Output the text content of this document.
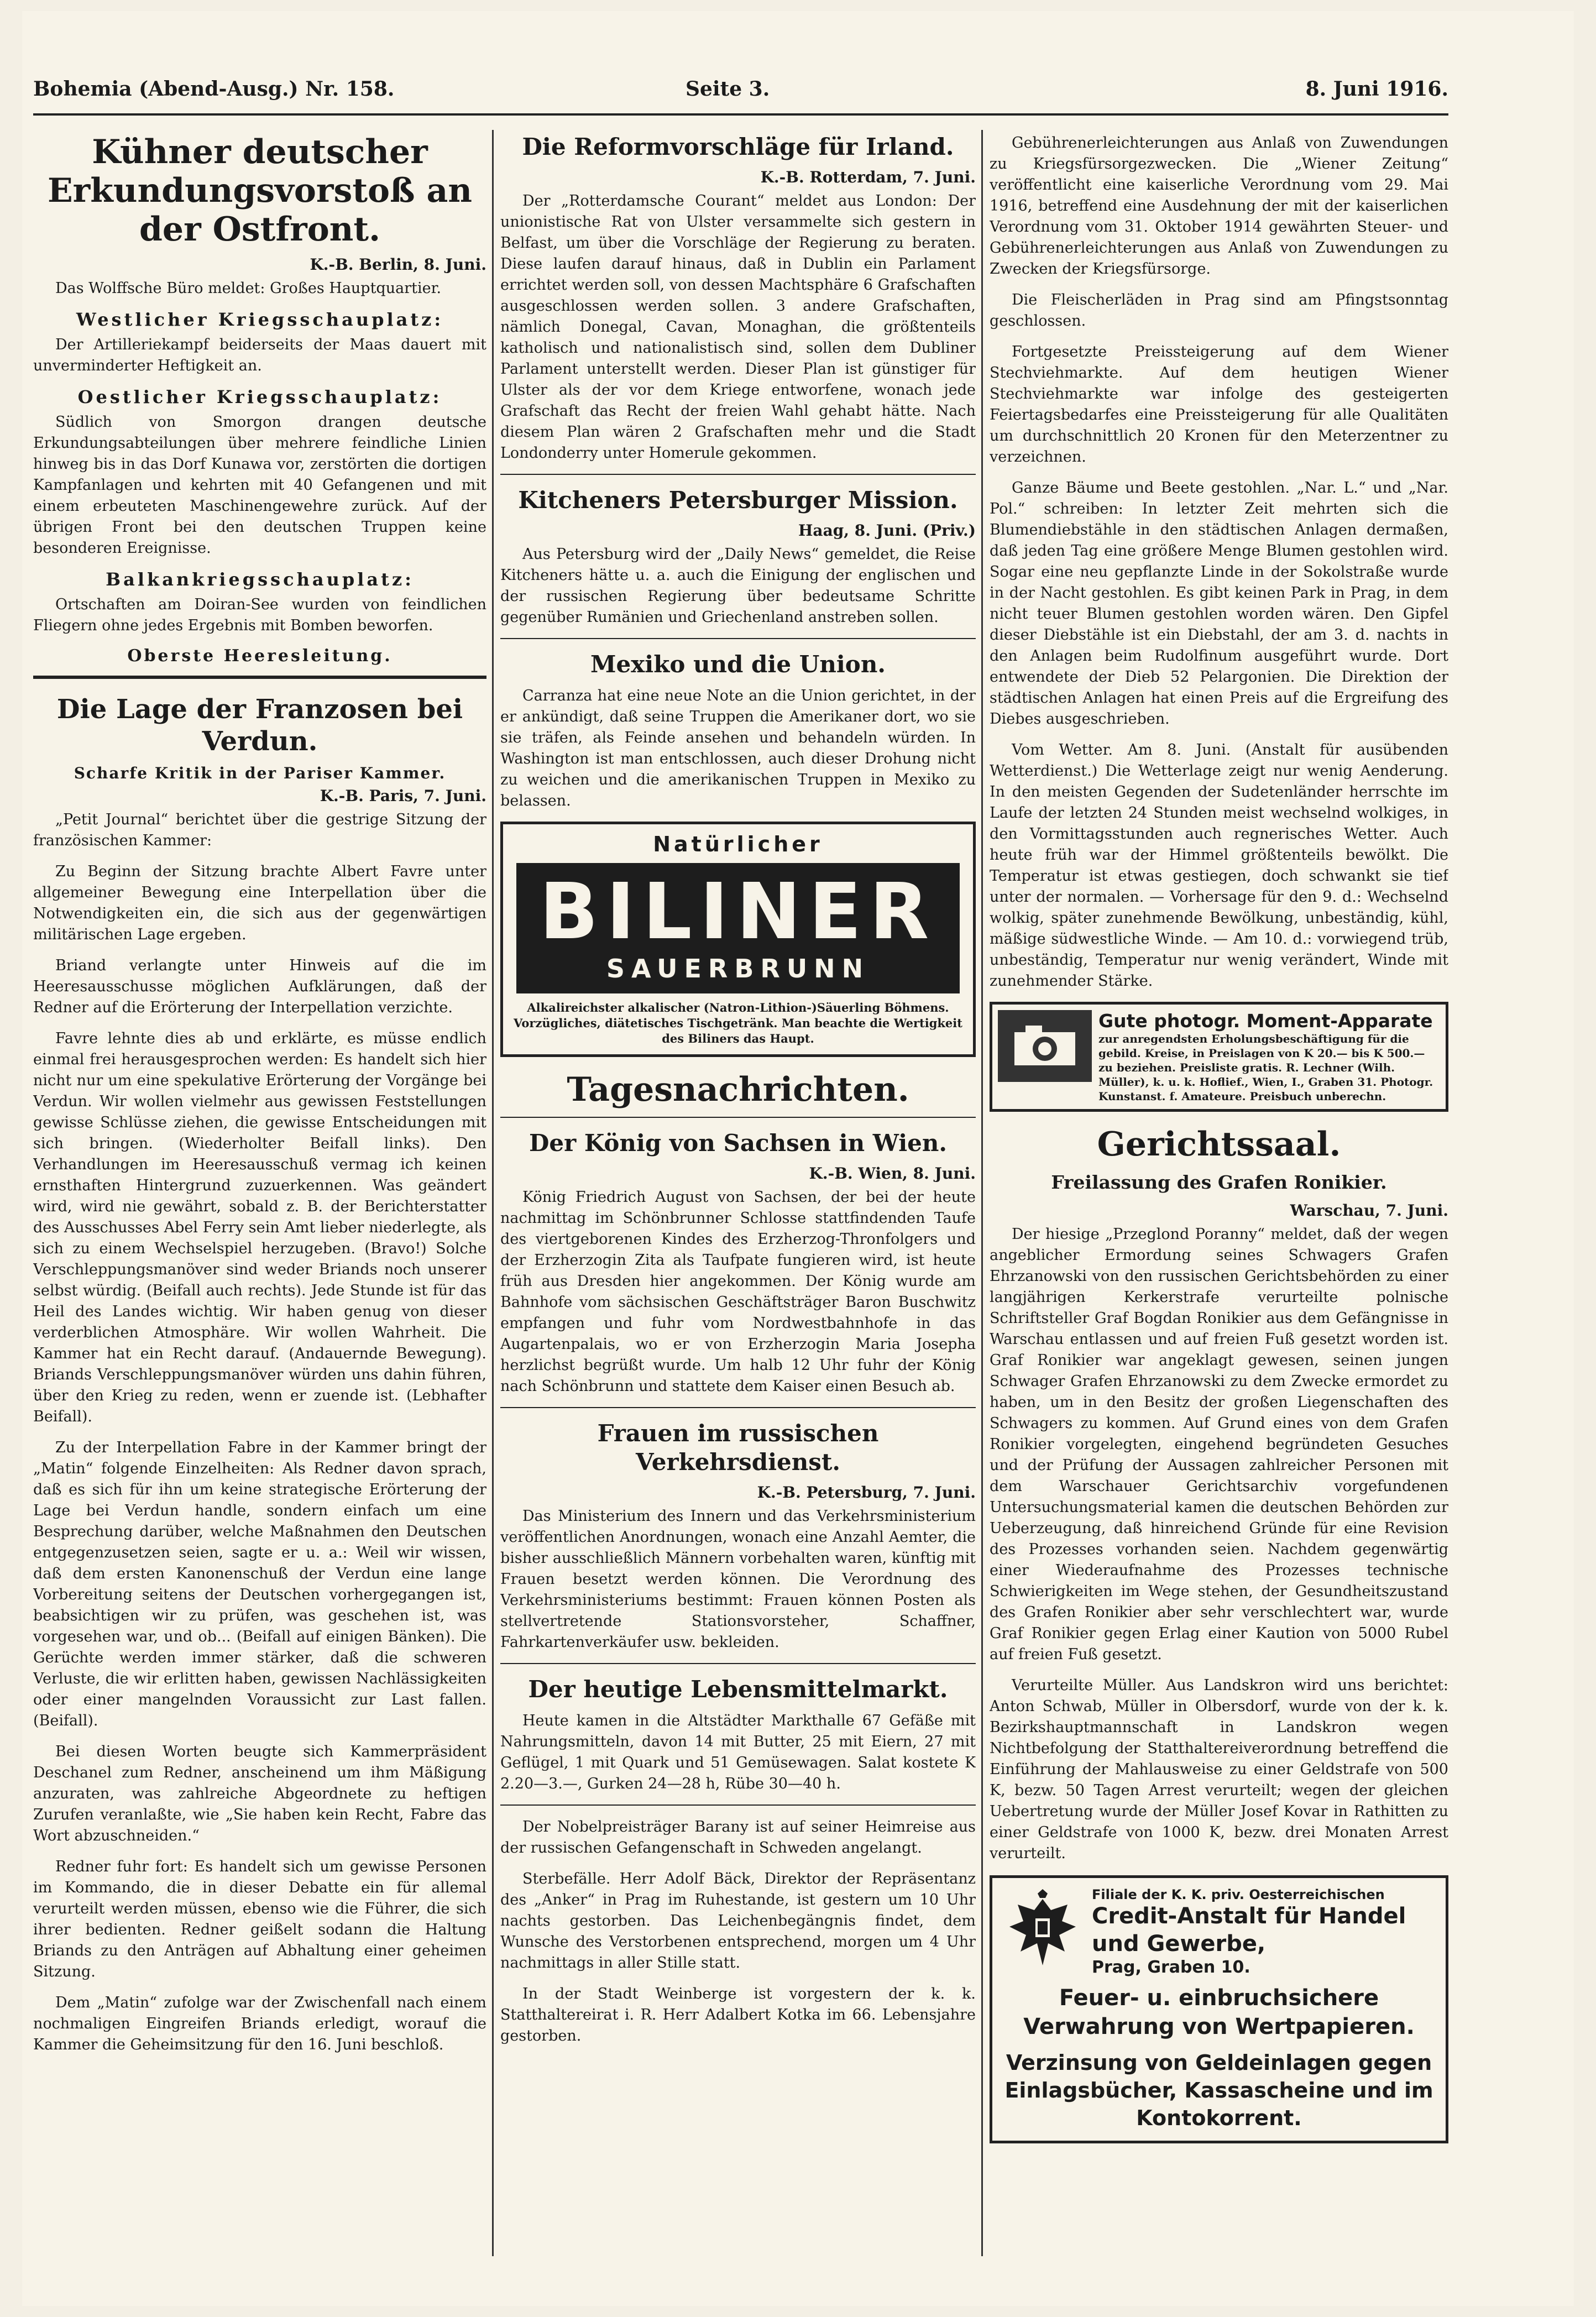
Bohemia (Abend-Ausg.) Nr. 158.	Seite 3.	8. Juni 1916.
Kühner deutscher Erkundungsvorstoß an der Ostfront.
K.-B. Berlin, 8. Juni.

Das Wolffsche Büro meldet: Großes Hauptquartier.

Westlicher Kriegsschauplatz:

Der Artilleriekampf beiderseits der Maas dauert mit unverminderter Heftigkeit an.

Oestlicher Kriegsschauplatz:

Südlich von Smorgon drangen deutsche Erkundungsabteilungen über mehrere feindliche Linien hinweg bis in das Dorf Kunawa vor, zerstörten die dortigen Kampfanlagen und kehrten mit 40 Gefangenen und mit einem erbeuteten Maschinengewehre zurück. Auf der übrigen Front bei den deutschen Truppen keine besonderen Ereignisse.

Balkankriegsschauplatz:

Ortschaften am Doiran-See wurden von feindlichen Fliegern ohne jedes Ergebnis mit Bomben beworfen.

Oberste Heeresleitung.
Die Lage der Franzosen bei Verdun.
Scharfe Kritik in der Pariser Kammer.
K.-B. Paris, 7. Juni.

„Petit Journal“ berichtet über die gestrige Sitzung der französischen Kammer:

Zu Beginn der Sitzung brachte Albert Favre unter allgemeiner Bewegung eine Interpellation über die Notwendigkeiten ein, die sich aus der gegenwärtigen militärischen Lage ergeben.

Briand verlangte unter Hinweis auf die im Heeresausschusse möglichen Aufklärungen, daß der Redner auf die Erörterung der Interpellation verzichte.

Favre lehnte dies ab und erklärte, es müsse endlich einmal frei herausgesprochen werden: Es handelt sich hier nicht nur um eine spekulative Erörterung der Vorgänge bei Verdun. Wir wollen vielmehr aus gewissen Feststellungen gewisse Schlüsse ziehen, die gewisse Entscheidungen mit sich bringen. (Wiederholter Beifall links). Den Verhandlungen im Heeresausschuß vermag ich keinen ernsthaften Hintergrund zuzuerkennen. Was geändert wird, wird nie gewährt, sobald z. B. der Berichterstatter des Ausschusses Abel Ferry sein Amt lieber niederlegte, als sich zu einem Wechselspiel herzugeben. (Bravo!) Solche Verschleppungsmanöver sind weder Briands noch unserer selbst würdig. (Beifall auch rechts). Jede Stunde ist für das Heil des Landes wichtig. Wir haben genug von dieser verderblichen Atmosphäre. Wir wollen Wahrheit. Die Kammer hat ein Recht darauf. (Andauernde Bewegung). Briands Verschleppungsmanöver würden uns dahin führen, über den Krieg zu reden, wenn er zuende ist. (Lebhafter Beifall).

Zu der Interpellation Fabre in der Kammer bringt der „Matin“ folgende Einzelheiten: Als Redner davon sprach, daß es sich für ihn um keine strategische Erörterung der Lage bei Verdun handle, sondern einfach um eine Besprechung darüber, welche Maßnahmen den Deutschen entgegenzusetzen seien, sagte er u. a.: Weil wir wissen, daß dem ersten Kanonenschuß der Verdun eine lange Vorbereitung seitens der Deutschen vorhergegangen ist, beabsichtigen wir zu prüfen, was geschehen ist, was vorgesehen war, und ob... (Beifall auf einigen Bänken). Die Gerüchte werden immer stärker, daß die schweren Verluste, die wir erlitten haben, gewissen Nachlässigkeiten oder einer mangelnden Voraussicht zur Last fallen. (Beifall).

Bei diesen Worten beugte sich Kammerpräsident Deschanel zum Redner, anscheinend um ihm Mäßigung anzuraten, was zahlreiche Abgeordnete zu heftigen Zurufen veranlaßte, wie „Sie haben kein Recht, Fabre das Wort abzuschneiden.“

Redner fuhr fort: Es handelt sich um gewisse Personen im Kommando, die in dieser Debatte ein für allemal verurteilt werden müssen, ebenso wie die Führer, die sich ihrer bedienten. Redner geißelt sodann die Haltung Briands zu den Anträgen auf Abhaltung einer geheimen Sitzung.

Dem „Matin“ zufolge war der Zwischenfall nach einem nochmaligen Eingreifen Briands erledigt, worauf die Kammer die Geheimsitzung für den 16. Juni beschloß.

Die Reformvorschläge für Irland.
K.-B. Rotterdam, 7. Juni.

Der „Rotterdamsche Courant“ meldet aus London: Der unionistische Rat von Ulster versammelte sich gestern in Belfast, um über die Vorschläge der Regierung zu beraten. Diese laufen darauf hinaus, daß in Dublin ein Parlament errichtet werden soll, von dessen Machtsphäre 6 Grafschaften ausgeschlossen werden sollen. 3 andere Grafschaften, nämlich Donegal, Cavan, Monaghan, die größtenteils katholisch und nationalistisch sind, sollen dem Dubliner Parlament unterstellt werden. Dieser Plan ist günstiger für Ulster als der vor dem Kriege entworfene, wonach jede Grafschaft das Recht der freien Wahl gehabt hätte. Nach diesem Plan wären 2 Grafschaften mehr und die Stadt Londonderry unter Homerule gekommen.

Kitcheners Petersburger Mission.
Haag, 8. Juni. (Priv.)

Aus Petersburg wird der „Daily News“ gemeldet, die Reise Kitcheners hätte u. a. auch die Einigung der englischen und der russischen Regierung über bedeutsame Schritte gegenüber Rumänien und Griechenland anstreben sollen.

Mexiko und die Union.

Carranza hat eine neue Note an die Union gerichtet, in der er ankündigt, daß seine Truppen die Amerikaner dort, wo sie sie träfen, als Feinde ansehen und behandeln würden. In Washington ist man entschlossen, auch dieser Drohung nicht zu weichen und die amerikanischen Truppen in Mexiko zu belassen.

Natürlicher
BILINER
SAUERBRUNN
Alkalireichster alkalischer (Natron-Lithion-)Säuerling Böhmens. Vorzügliches, diätetisches Tischgetränk. Man beachte die Wertigkeit des Biliners das Haupt.
Tagesnachrichten.
Der König von Sachsen in Wien.
K.-B. Wien, 8. Juni.

König Friedrich August von Sachsen, der bei der heute nachmittag im Schönbrunner Schlosse stattfindenden Taufe des viertgeborenen Kindes des Erzherzog-Thronfolgers und der Erzherzogin Zita als Taufpate fungieren wird, ist heute früh aus Dresden hier angekommen. Der König wurde am Bahnhofe vom sächsischen Geschäftsträger Baron Buschwitz empfangen und fuhr vom Nordwestbahnhofe in das Augartenpalais, wo er von Erzherzogin Maria Josepha herzlichst begrüßt wurde. Um halb 12 Uhr fuhr der König nach Schönbrunn und stattete dem Kaiser einen Besuch ab.

Frauen im russischen Verkehrsdienst.
K.-B. Petersburg, 7. Juni.

Das Ministerium des Innern und das Verkehrsministerium veröffentlichen Anordnungen, wonach eine Anzahl Aemter, die bisher ausschließlich Männern vorbehalten waren, künftig mit Frauen besetzt werden können. Die Verordnung des Verkehrsministeriums bestimmt: Frauen können Posten als stellvertretende Stationsvorsteher, Schaffner, Fahrkartenverkäufer usw. bekleiden.

Der heutige Lebensmittelmarkt.

Heute kamen in die Altstädter Markthalle 67 Gefäße mit Nahrungsmitteln, davon 14 mit Butter, 25 mit Eiern, 27 mit Geflügel, 1 mit Quark und 51 Gemüsewagen. Salat kostete K 2.20—3.—, Gurken 24—28 h, Rübe 30—40 h.

Der Nobelpreisträger Barany ist auf seiner Heimreise aus der russischen Gefangenschaft in Schweden angelangt.

Sterbefälle. Herr Adolf Bäck, Direktor der Repräsentanz des „Anker“ in Prag im Ruhestande, ist gestern um 10 Uhr nachts gestorben. Das Leichenbegängnis findet, dem Wunsche des Verstorbenen entsprechend, morgen um 4 Uhr nachmittags in aller Stille statt.

In der Stadt Weinberge ist vorgestern der k. k. Statthaltereirat i. R. Herr Adalbert Kotka im 66. Lebensjahre gestorben.

Gebührenerleichterungen aus Anlaß von Zuwendungen zu Kriegsfürsorgezwecken. Die „Wiener Zeitung“ veröffentlicht eine kaiserliche Verordnung vom 29. Mai 1916, betreffend eine Ausdehnung der mit der kaiserlichen Verordnung vom 31. Oktober 1914 gewährten Steuer- und Gebührenerleichterungen aus Anlaß von Zuwendungen zu Zwecken der Kriegsfürsorge.

Die Fleischerläden in Prag sind am Pfingstsonntag geschlossen.

Fortgesetzte Preissteigerung auf dem Wiener Stechviehmarkte. Auf dem heutigen Wiener Stechviehmarkte war infolge des gesteigerten Feiertagsbedarfes eine Preissteigerung für alle Qualitäten um durchschnittlich 20 Kronen für den Meterzentner zu verzeichnen.

Ganze Bäume und Beete gestohlen. „Nar. L.“ und „Nar. Pol.“ schreiben: In letzter Zeit mehrten sich die Blumendiebstähle in den städtischen Anlagen dermaßen, daß jeden Tag eine größere Menge Blumen gestohlen wird. Sogar eine neu gepflanzte Linde in der Sokolstraße wurde in der Nacht gestohlen. Es gibt keinen Park in Prag, in dem nicht teuer Blumen gestohlen worden wären. Den Gipfel dieser Diebstähle ist ein Diebstahl, der am 3. d. nachts in den Anlagen beim Rudolfinum ausgeführt wurde. Dort entwendete der Dieb 52 Pelargonien. Die Direktion der städtischen Anlagen hat einen Preis auf die Ergreifung des Diebes ausgeschrieben.

Vom Wetter. Am 8. Juni. (Anstalt für ausübenden Wetterdienst.) Die Wetterlage zeigt nur wenig Aenderung. In den meisten Gegenden der Sudetenländer herrschte im Laufe der letzten 24 Stunden meist wechselnd wolkiges, in den Vormittagsstunden auch regnerisches Wetter. Auch heute früh war der Himmel größtenteils bewölkt. Die Temperatur ist etwas gestiegen, doch schwankt sie tief unter der normalen. — Vorhersage für den 9. d.: Wechselnd wolkig, später zunehmende Bewölkung, unbeständig, kühl, mäßige südwestliche Winde. — Am 10. d.: vorwiegend trüb, unbeständig, Temperatur nur wenig verändert, Winde mit zunehmender Stärke.

Gute photogr. Moment-Apparate
zur anregendsten Erholungsbeschäftigung für die gebild. Kreise, in Preislagen von K 20.— bis K 500.— zu beziehen. Preisliste gratis. R. Lechner (Wilh. Müller), k. u. k. Hoflief., Wien, I., Graben 31. Photogr. Kunstanst. f. Amateure. Preisbuch unberechn.
Gerichtssaal.
Freilassung des Grafen Ronikier.
Warschau, 7. Juni.

Der hiesige „Przeglond Poranny“ meldet, daß der wegen angeblicher Ermordung seines Schwagers Grafen Ehrzanowski von den russischen Gerichtsbehörden zu einer langjährigen Kerkerstrafe verurteilte polnische Schriftsteller Graf Bogdan Ronikier aus dem Gefängnisse in Warschau entlassen und auf freien Fuß gesetzt worden ist. Graf Ronikier war angeklagt gewesen, seinen jungen Schwager Grafen Ehrzanowski zu dem Zwecke ermordet zu haben, um in den Besitz der großen Liegenschaften des Schwagers zu kommen. Auf Grund eines von dem Grafen Ronikier vorgelegten, eingehend begründeten Gesuches und der Prüfung der Aussagen zahlreicher Personen mit dem Warschauer Gerichtsarchiv vorgefundenen Untersuchungsmaterial kamen die deutschen Behörden zur Ueberzeugung, daß hinreichend Gründe für eine Revision des Prozesses vorhanden seien. Nachdem gegenwärtig einer Wiederaufnahme des Prozesses technische Schwierigkeiten im Wege stehen, der Gesundheitszustand des Grafen Ronikier aber sehr verschlechtert war, wurde Graf Ronikier gegen Erlag einer Kaution von 5000 Rubel auf freien Fuß gesetzt.

Verurteilte Müller. Aus Landskron wird uns berichtet: Anton Schwab, Müller in Olbersdorf, wurde von der k. k. Bezirkshauptmannschaft in Landskron wegen Nichtbefolgung der Statthaltereiverordnung betreffend die Einführung der Mahlausweise zu einer Geldstrafe von 500 K, bezw. 50 Tagen Arrest verurteilt; wegen der gleichen Uebertretung wurde der Müller Josef Kovar in Rathitten zu einer Geldstrafe von 1000 K, bezw. drei Monaten Arrest verurteilt.

Filiale der K. K. priv. Oesterreichischen
Credit-Anstalt für Handel und Gewerbe,
Prag, Graben 10.
Feuer- u. einbruchsichere Verwahrung von Wertpapieren.
Verzinsung von Geldeinlagen gegen Einlagsbücher, Kassascheine und im Kontokorrent.
